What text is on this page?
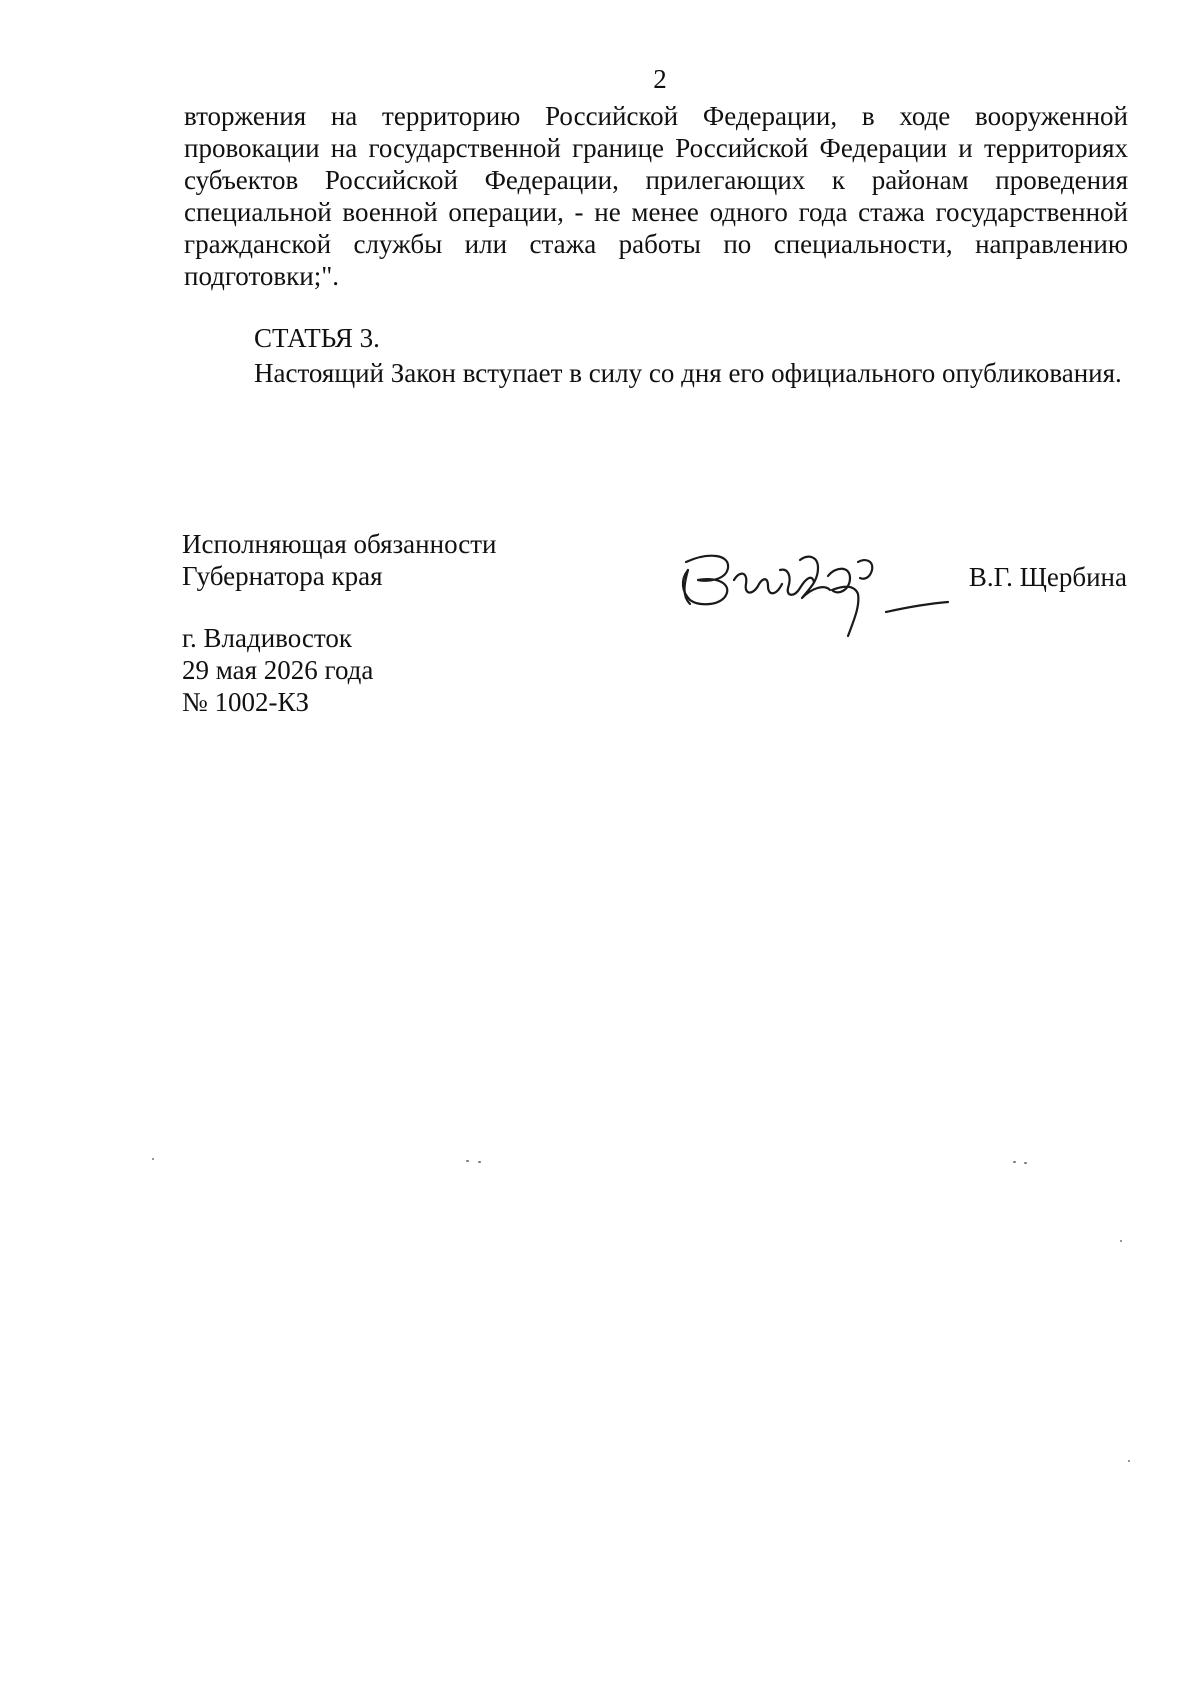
2
вторжения на территорию Российской Федерации, в ходе вооруженной провокации на государственной границе Российской Федерации и территориях субъектов Российской Федерации, прилегающих к районам проведения специальной военной операции, - не менее одного года стажа государственной гражданской службы или стажа работы по специальности, направлению подготовки;".
СТАТЬЯ 3.
Настоящий Закон вступает в силу со дня его официального опубликования.
Исполняющая обязанности
Губернатора края	В.Г. Щербина
г. Владивосток
29 мая 2026 года
№ 1002-КЗ
